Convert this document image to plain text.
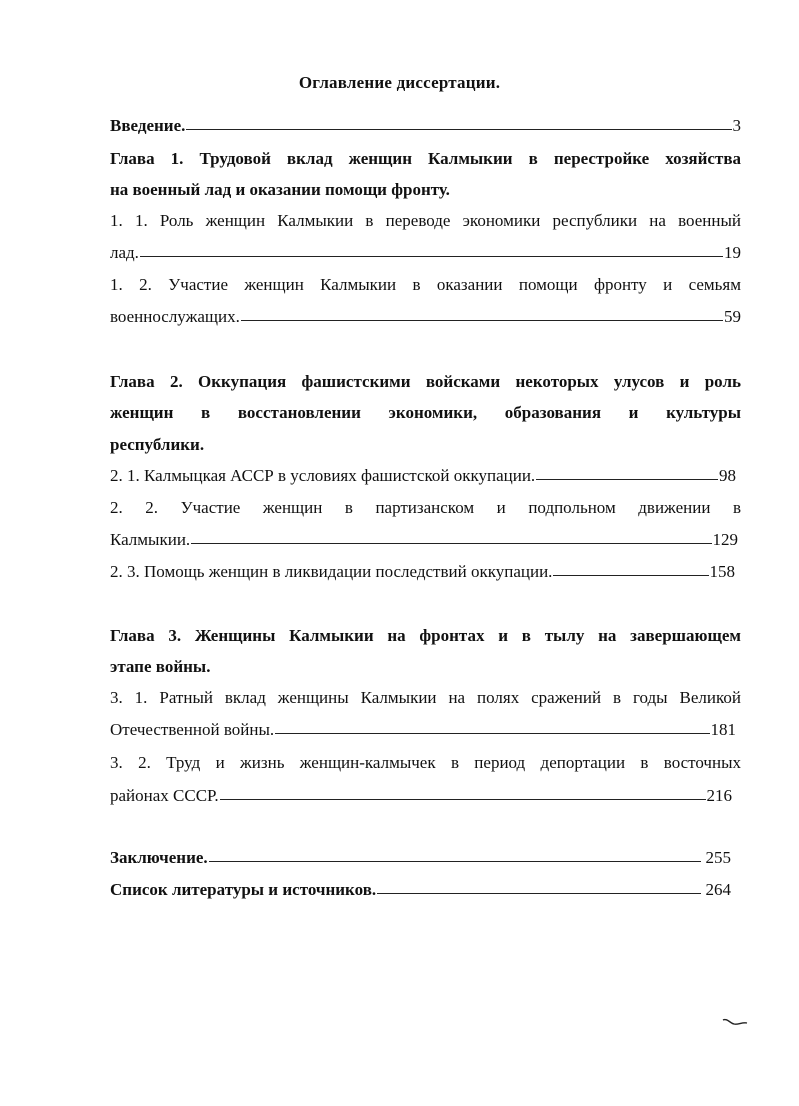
Оглавление диссертации.
Введение.	3
Глава 1. Трудовой вклад женщин Калмыкии в перестройке хозяйства
на военный лад и оказании помощи фронту.
1. 1. Роль женщин Калмыкии в переводе экономики республики на военный
лад.	19
1. 2. Участие женщин Калмыкии в оказании помощи фронту и семьям
военнослужащих.	59
Глава 2. Оккупация фашистскими войсками некоторых улусов и роль
женщин в восстановлении экономики, образования и культуры
республики.
2. 1. Калмыцкая АССР в условиях фашистской оккупации.	98
2. 2. Участие женщин в партизанском и подпольном движении в
Калмыкии.	129
2. 3. Помощь женщин в ликвидации последствий оккупации.	158
Глава 3. Женщины Калмыкии на фронтах и в тылу на завершающем
этапе войны.
3. 1. Ратный вклад женщины Калмыкии на полях сражений в годы Великой
Отечественной войны.	181
3. 2. Труд и жизнь женщин-калмычек в период депортации в восточных
районах СССР.	216
Заключение.	255
Список литературы и источников.	264
